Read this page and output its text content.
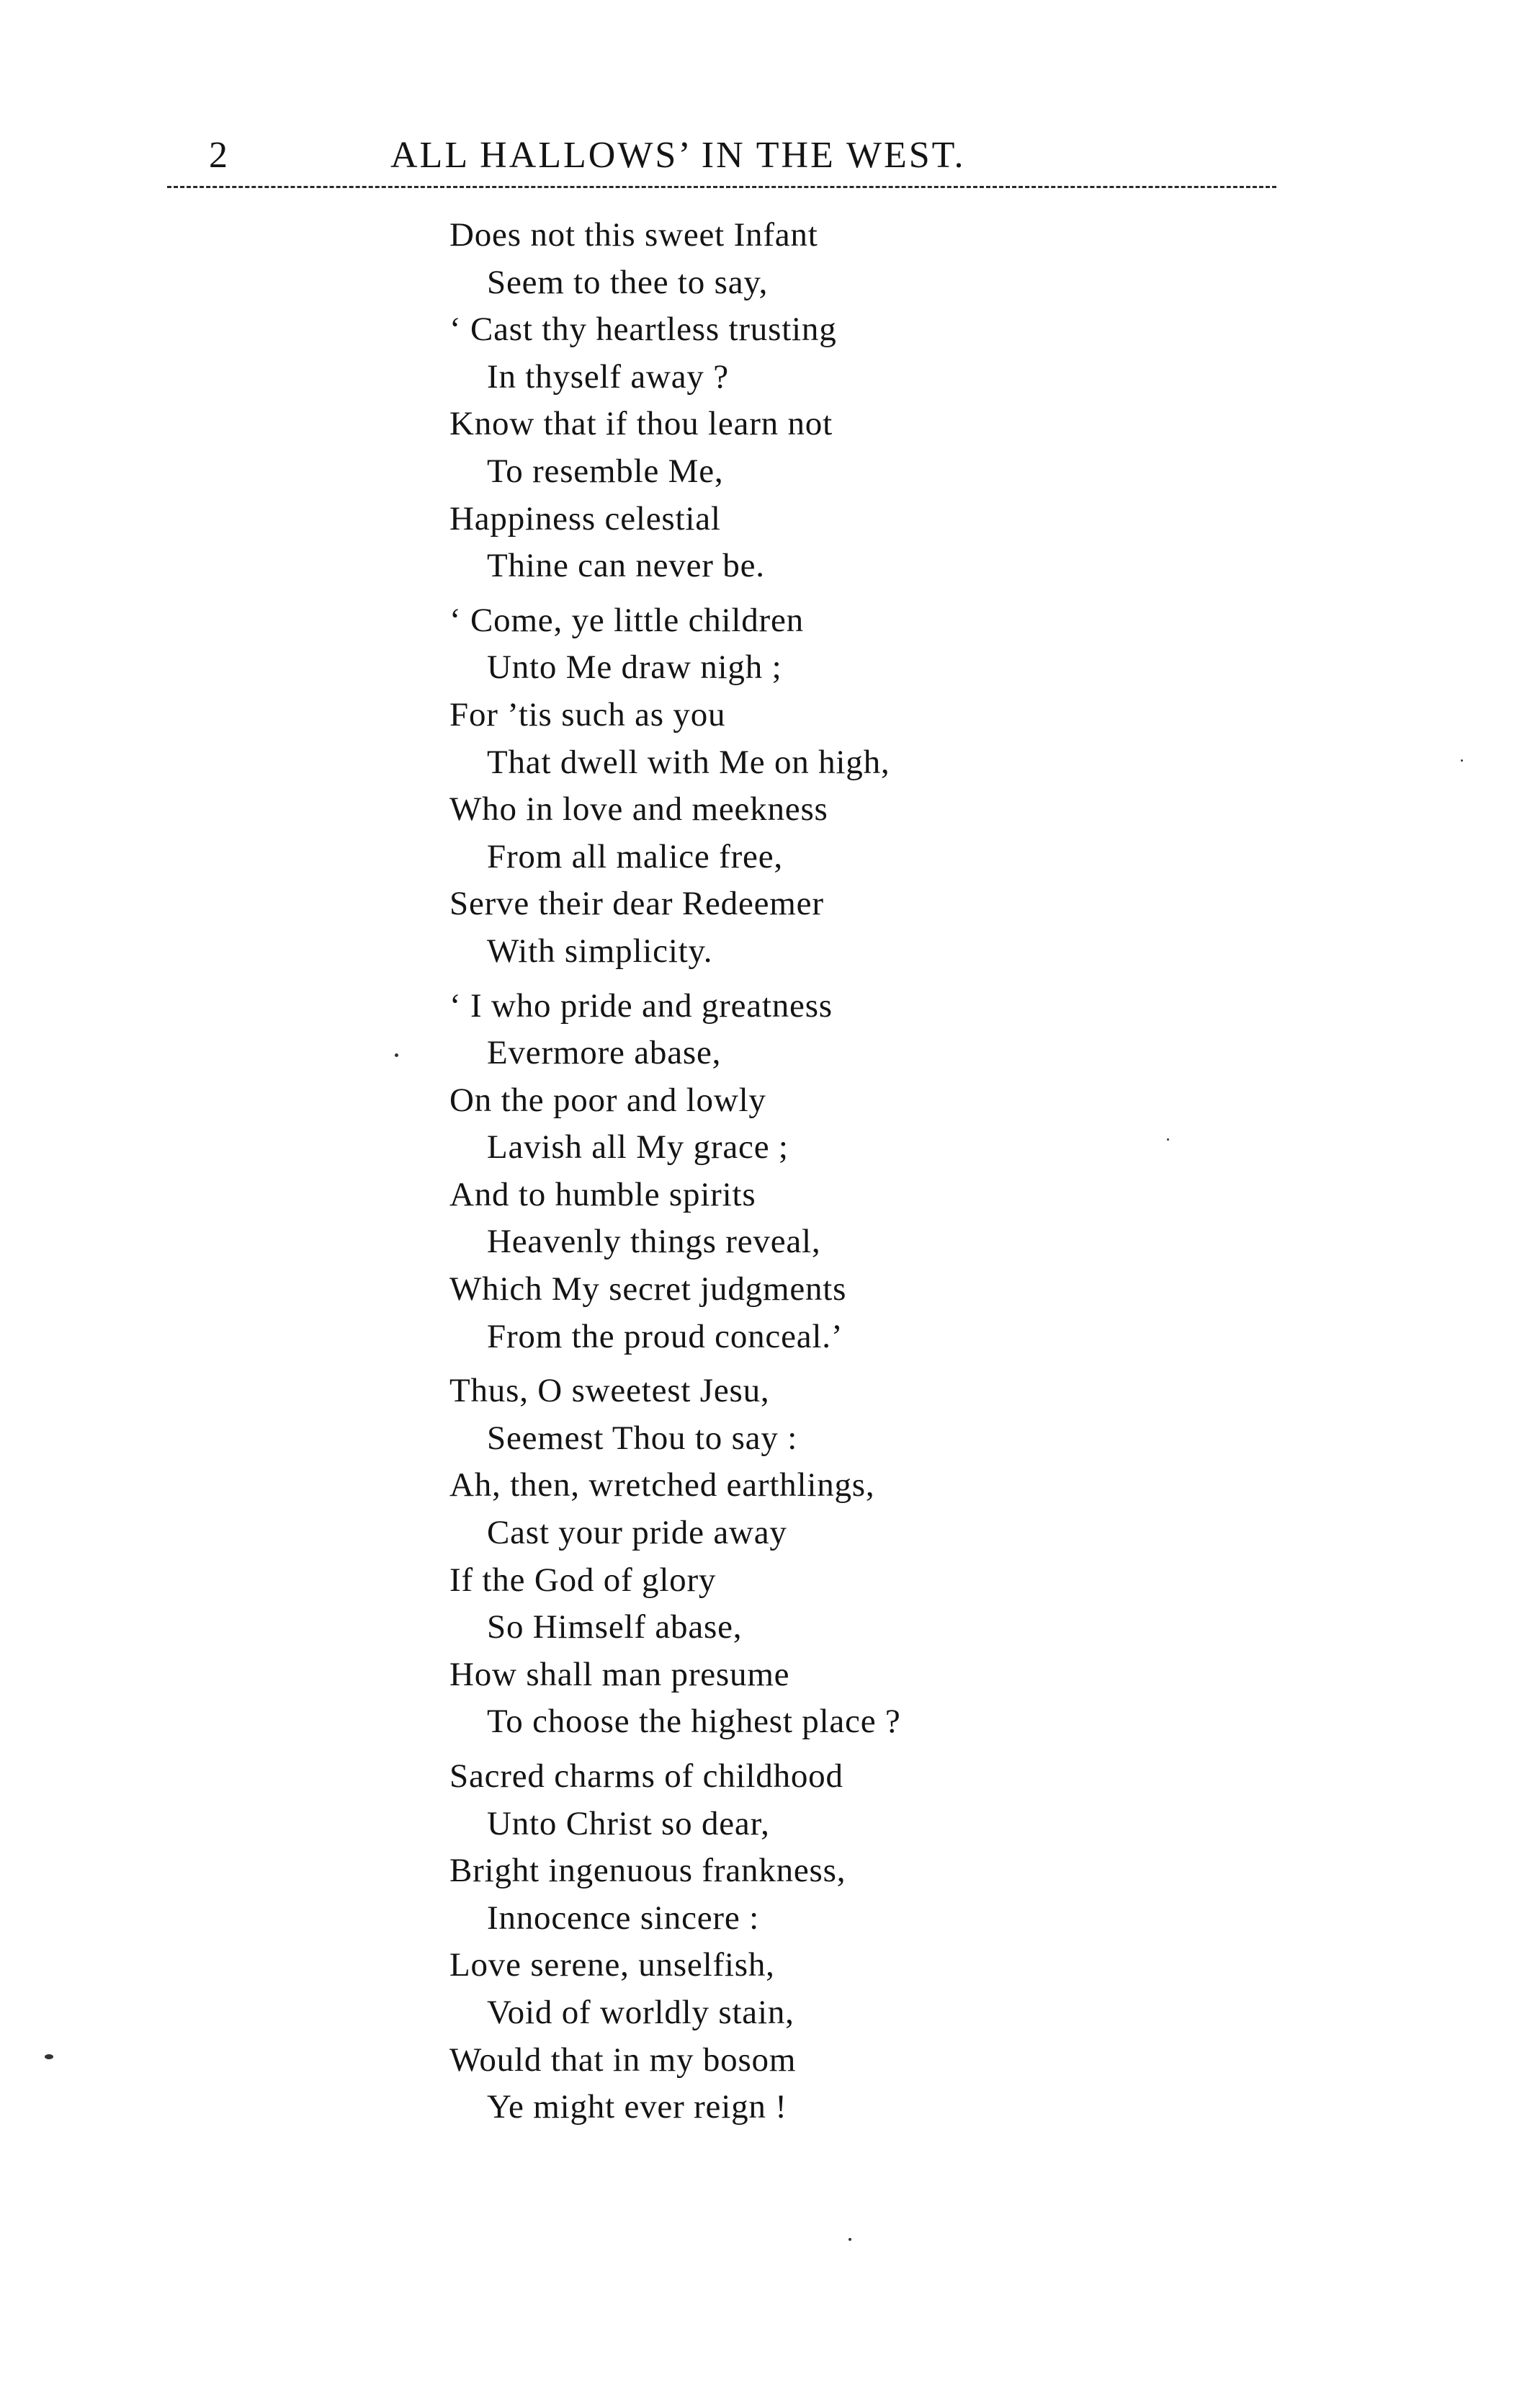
2	ALL HALLOWS’ IN THE WEST.
Does not this sweet Infant
Seem to thee to say,
‘ Cast thy heartless trusting
In thyself away ?
Know that if thou learn not
To resemble Me,
Happiness celestial
Thine can never be.
‘ Come, ye little children
Unto Me draw nigh ;
For ’tis such as you
That dwell with Me on high,
Who in love and meekness
From all malice free,
Serve their dear Redeemer
With simplicity.
‘ I who pride and greatness
Evermore abase,
On the poor and lowly
Lavish all My grace ;
And to humble spirits
Heavenly things reveal,
Which My secret judgments
From the proud conceal.’
Thus, O sweetest Jesu,
Seemest Thou to say :
Ah, then, wretched earthlings,
Cast your pride away
If the God of glory
So Himself abase,
How shall man presume
To choose the highest place ?
Sacred charms of childhood
Unto Christ so dear,
Bright ingenuous frankness,
Innocence sincere :
Love serene, unselfish,
Void of worldly stain,
Would that in my bosom
Ye might ever reign !
